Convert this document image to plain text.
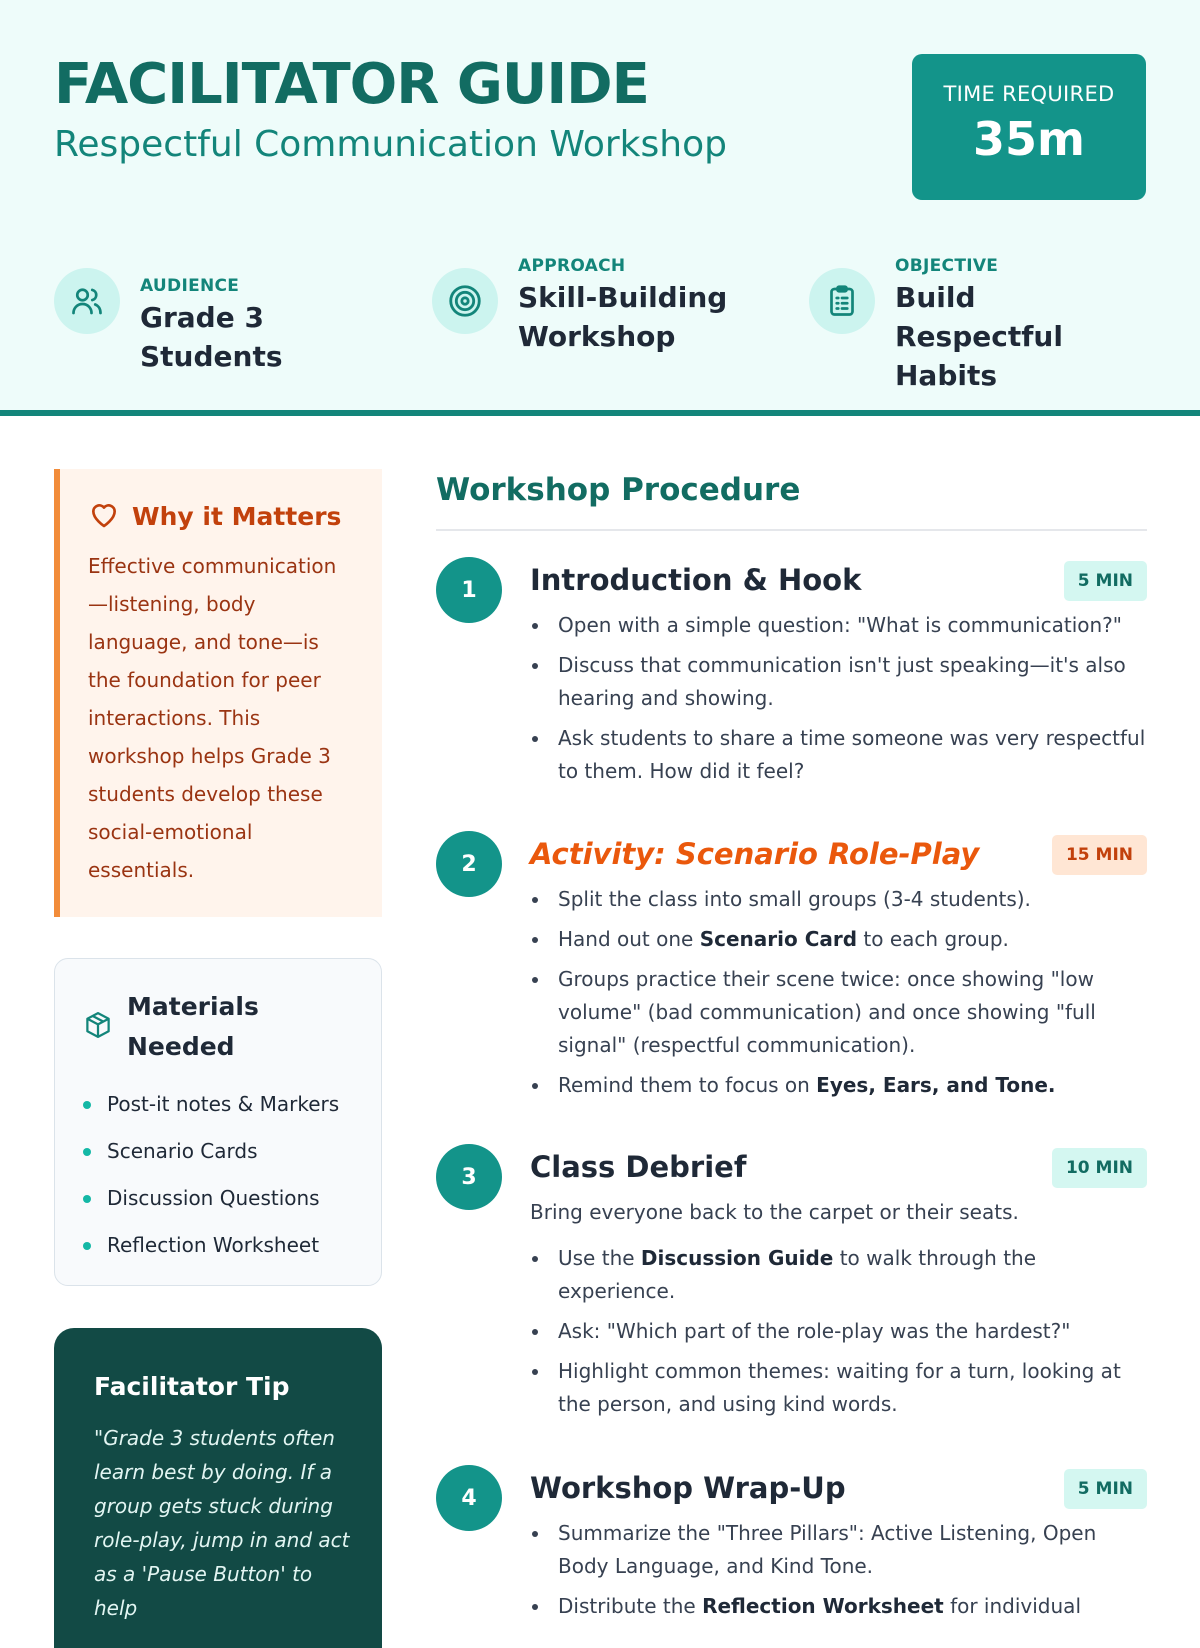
FACILITATOR GUIDE
Respectful Communication Workshop
TIME REQUIRED
35m
AUDIENCE
Grade 3 Students
APPROACH
Skill-Building Workshop
OBJECTIVE
Build Respectful Habits
Why it Matters
Effective communication—listening, body language, and tone—is the foundation for peer interactions. This workshop helps Grade 3 students develop these social-emotional essentials.
Materials Needed
Post-it notes & Markers
Scenario Cards
Discussion Questions
Reflection Worksheet
Facilitator Tip
"Grade 3 students often learn best by doing. If a group gets stuck during role-play, jump in and act as a 'Pause Button' to help
Workshop Procedure
1	Introduction & Hook	5 MIN
Open with a simple question: "What is communication?"
Discuss that communication isn't just speaking—it's also hearing and showing.
Ask students to share a time someone was very respectful to them. How did it feel?
2	Activity: Scenario Role-Play	15 MIN
Split the class into small groups (3-4 students).
Hand out one Scenario Card to each group.
Groups practice their scene twice: once showing "low volume" (bad communication) and once showing "full signal" (respectful communication).
Remind them to focus on Eyes, Ears, and Tone.
3	Class Debrief	10 MIN
Bring everyone back to the carpet or their seats.
Use the Discussion Guide to walk through the experience.
Ask: "Which part of the role-play was the hardest?"
Highlight common themes: waiting for a turn, looking at the person, and using kind words.
4	Workshop Wrap-Up	5 MIN
Summarize the "Three Pillars": Active Listening, Open Body Language, and Kind Tone.
Distribute the Reflection Worksheet for individual
